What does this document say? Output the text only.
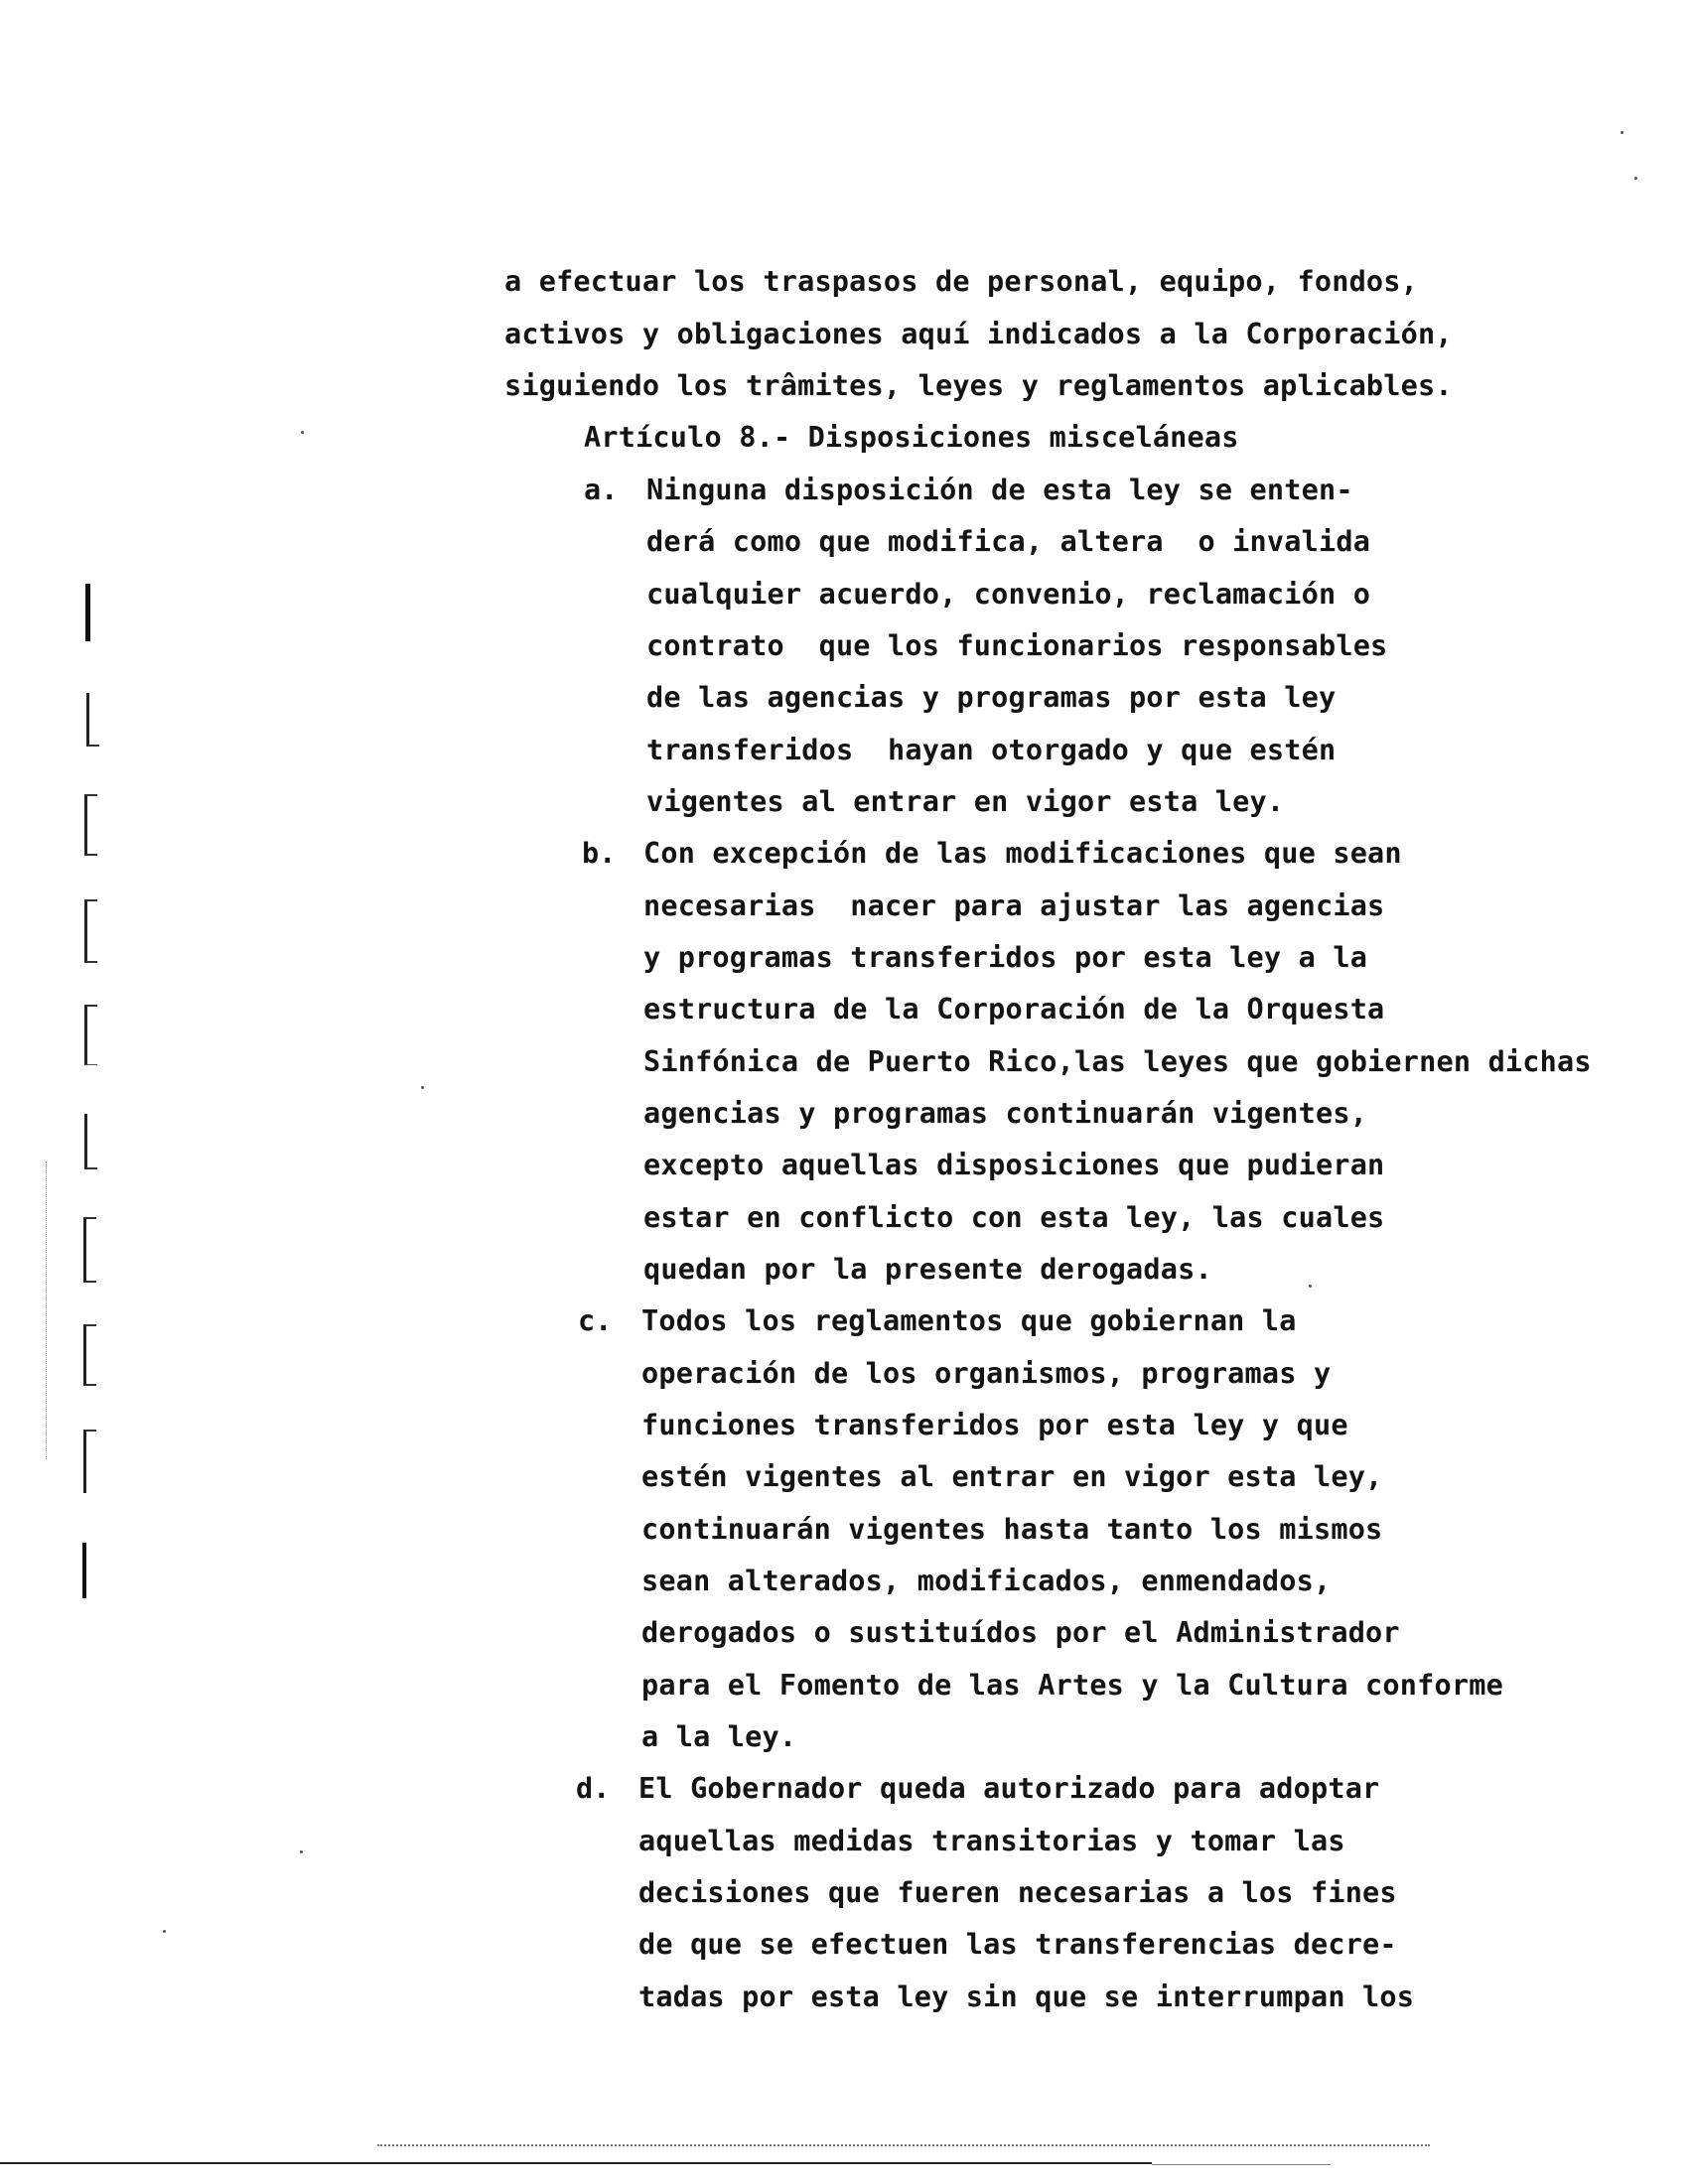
a efectuar los traspasos de personal, equipo, fondos,
activos y obligaciones aquí indicados a la Corporación,
siguiendo los trâmites, leyes y reglamentos aplicables.
Artículo 8.- Disposiciones misceláneas
a. Ninguna disposición de esta ley se enten-
derá como que modifica, altera  o invalida
cualquier acuerdo, convenio, reclamación o
contrato  que los funcionarios responsables
de las agencias y programas por esta ley
transferidos  hayan otorgado y que estén
vigentes al entrar en vigor esta ley.
b. Con excepción de las modificaciones que sean
necesarias  nacer para ajustar las agencias
y programas transferidos por esta ley a la
estructura de la Corporación de la Orquesta
Sinfónica de Puerto Rico,las leyes que gobiernen dichas
agencias y programas continuarán vigentes,
excepto aquellas disposiciones que pudieran
estar en conflicto con esta ley, las cuales
quedan por la presente derogadas.
c. Todos los reglamentos que gobiernan la
operación de los organismos, programas y
funciones transferidos por esta ley y que
estén vigentes al entrar en vigor esta ley,
continuarán vigentes hasta tanto los mismos
sean alterados, modificados, enmendados,
derogados o sustituídos por el Administrador
para el Fomento de las Artes y la Cultura conforme
a la ley.
d. El Gobernador queda autorizado para adoptar
aquellas medidas transitorias y tomar las
decisiones que fueren necesarias a los fines
de que se efectuen las transferencias decre-
tadas por esta ley sin que se interrumpan los
